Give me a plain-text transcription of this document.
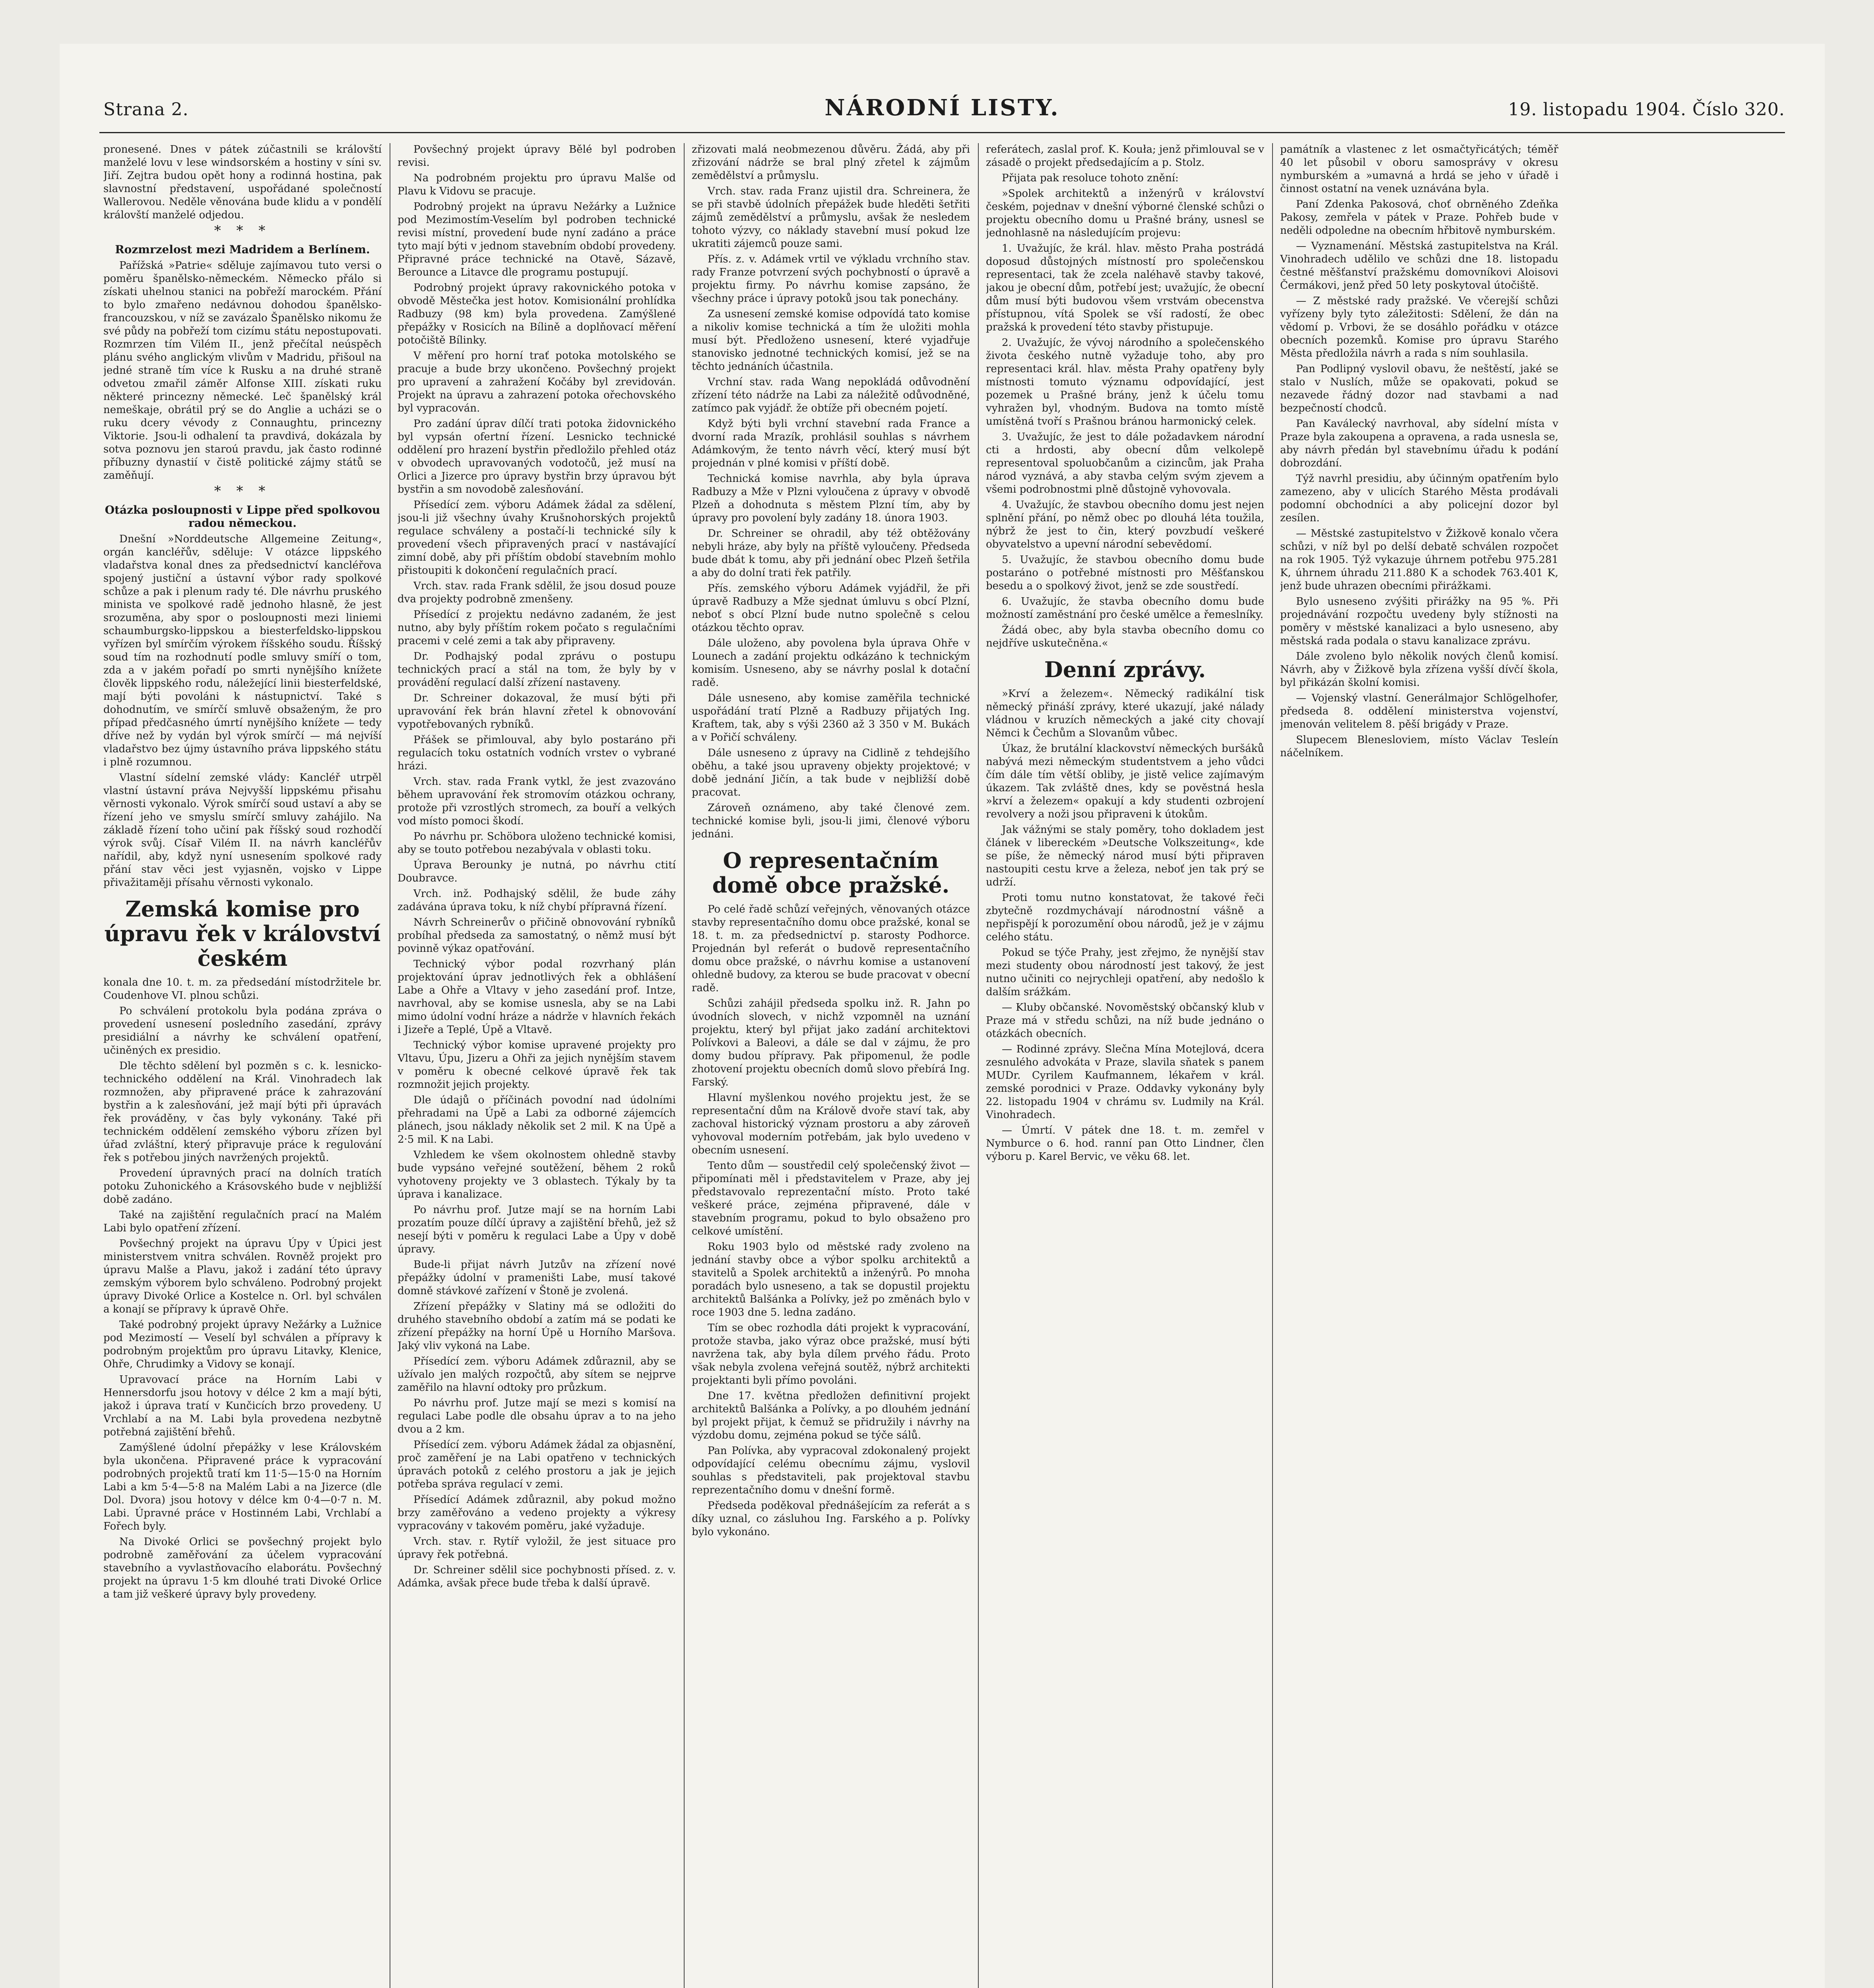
Strana 2.	NÁRODNÍ LISTY.	19. listopadu 1904. Číslo 320.

pronesené. Dnes v pátek zúčastnili se královští manželé lovu v lese windsorském a hostiny v síni sv. Jiří. Zejtra budou opět hony a rodinná hostina, pak slavnostní představení, uspořádané společností Wallerovou. Neděle věnována bude klidu a v pondělí královští manželé odjedou.

* * *
Rozmrzelost mezi Madridem a Berlínem.

Pařížská »Patrie« sděluje zajímavou tuto versi o poměru španělsko-německém. Německo přálo si získati uhelnou stanici na pobřeží marockém. Přání to bylo zmařeno nedávnou dohodou španělsko-francouzskou, v níž se zavázalo Španělsko nikomu že své půdy na pobřeží tom cizímu státu nepostupovati. Rozmrzen tím Vilém II., jenž přečítal neúspěch plánu svého anglickým vlivům v Madridu, přišoul na jedné straně tím více k Rusku a na druhé straně odvetou zmařil záměr Alfonse XIII. získati ruku některé princezny německé. Leč španělský král nemeškaje, obrátil prý se do Anglie a ucházi se o ruku dcery vévody z Connaughtu, princezny Viktorie. Jsou-li odhalení ta pravdivá, dokázala by sotva poznovu jen staroú pravdu, jak často rodinné příbuzny dynastií v čistě politické zájmy států se zaměňují.

* * *
Otázka posloupnosti v Lippe před spolkovou radou německou.

Dnešní »Norddeutsche Allgemeine Zeitung«, orgán kancléřův, sděluje: V otázce lippského vladařstva konal dnes za předsednictví kancléřova spojený justiční a ústavní výbor rady spolkové schůze a pak i plenum rady té. Dle návrhu pruského minista ve spolkové radě jednoho hlasně, že jest srozuměna, aby spor o posloupnosti mezi liniemi schaumburgsko-lippskou a biesterfeldsko-lippskou vyřízen byl smírčím výrokem říšského soudu. Říšský soud tím na rozhodnutí podle smluvy smíří o tom, zda a v jakém pořadí po smrti nynějšího knížete člověk lippského rodu, náležející linii biesterfeldské, mají býti povoláni k nástupnictví. Také s dohodnutím, ve smírčí smluvě obsaženým, že pro případ předčasného úmrtí nynějšího knížete — tedy dříve než by vydán byl výrok smírčí — má nejvíší vladařstvo bez újmy ústavního práva lippského státu i plně rozumnou.

Vlastní sídelní zemské vlády: Kancléř utrpěl vlastní ústavní práva Nejvyšší lippskému přisahu věrnosti vykonalo. Výrok smírčí soud ustaví a aby se řízení jeho ve smyslu smírčí smluvy zahájilo. Na základě řízení toho učiní pak říšský soud rozhodčí výrok svůj. Císař Vilém II. na návrh kancléřův nařídil, aby, když nyní usnesením spolkové rady přání stav věci jest vyjasněn, vojsko v Lippe přivažitaměji přísahu věrnosti vykonalo.

Zemská komise pro úpravu řek v království českém

konala dne 10. t. m. za předsedání místodržitele br. Coudenhove VI. plnou schůzi.

Po schválení protokolu byla podána zpráva o provedení usnesení posledního zasedání, zprávy presidiální a návrhy ke schválení opatření, učiněných ex presidio.

Dle těchto sdělení byl pozměn s c. k. lesnicko-technického oddělení na Král. Vinohradech lak rozmnožen, aby připravené práce k zahrazování bystřin a k zalesňování, jež mají býti při úpravách řek prováděny, v čas byly vykonány. Také při technickém oddělení zemského výboru zřízen byl úřad zvláštní, který připravuje práce k regulování řek s potřebou jiných navržených projektů.

Provedení úpravných prací na dolních tratích potoku Zuhonického a Krásovského bude v nejbližší době zadáno.

Také na zajištění regulačních prací na Malém Labi bylo opatření zřízení.

Povšechný projekt na úpravu Úpy v Úpici jest ministerstvem vnitra schválen. Rovněž projekt pro úpravu Malše a Plavu, jakož i zadání této úpravy zemským výborem bylo schváleno. Podrobný projekt úpravy Divoké Orlice a Kostelce n. Orl. byl schválen a konají se přípravy k úpravě Ohře.

Také podrobný projekt úpravy Nežárky a Lužnice pod Mezimostí — Veselí byl schválen a přípravy k podrobným projektům pro úpravu Litavky, Klenice, Ohře, Chrudimky a Vidovy se konají.

Upravovací práce na Horním Labi v Hennersdorfu jsou hotovy v délce 2 km a mají býti, jakož i úprava tratí v Kunčicích brzo provedeny. U Vrchlabí a na M. Labi byla provedena nezbytně potřebná zajištění břehů.

Zamýšlené údolní přepážky v lese Královském byla ukončena. Připravené práce k vypracování podrobných projektů tratí km 11·5—15·0 na Horním Labi a km 5·4—5·8 na Malém Labi a na Jizerce (dle Dol. Dvora) jsou hotovy v délce km 0·4—0·7 n. M. Labi. Úpravné práce v Hostinném Labi, Vrchlabí a Fořech byly.

Na Divoké Orlici se povšechný projekt bylo podrobně zaměřování za účelem vypracování stavebního a vyvlastňovacího elaborátu. Povšechný projekt na úpravu 1·5 km dlouhé trati Divoké Orlice a tam již veškeré úpravy byly provedeny.

Povšechný projekt úpravy Bělé byl podroben revisi.

Na podrobném projektu pro úpravu Malše od Plavu k Vidovu se pracuje.

Podrobný projekt na úpravu Nežárky a Lužnice pod Mezimostím-Veselím byl podroben technické revisi místní, provedení bude nyní zadáno a práce tyto mají býti v jednom stavebním období provedeny. Připravné práce technické na Otavě, Sázavě, Berounce a Litavce dle programu postupují.

Podrobný projekt úpravy rakovnického potoka v obvodě Městečka jest hotov. Komisionální prohlídka Radbuzy (98 km) byla provedena. Zamýšlené přepážky v Rosicích na Bílině a doplňovací měření potočiště Bílinky.

V měření pro horní trať potoka motolského se pracuje a bude brzy ukončeno. Povšechný projekt pro upravení a zahražení Kočáby byl zrevidován. Projekt na úpravu a zahrazení potoka ořechovského byl vypracován.

Pro zadání úprav dílčí trati potoka židovnického byl vypsán ofertní řízení. Lesnicko technické oddělení pro hrazení bystřin předložilo přehled otáz v obvodech upravovaných vodotočů, jež musí na Orlici a Jizerce pro úpravy bystřin brzy úpravou být bystřin a sm novodobě zalesňování.

Přísedící zem. výboru Adámek žádal za sdělení, jsou-li již všechny úvahy Krušnohorských projektů regulace schváleny a postačí-li technické síly k provedení všech připravených prací v nastávající zimní době, aby při příštím období stavebním mohlo přistoupiti k dokončení regulačních prací.

Vrch. stav. rada Frank sdělil, že jsou dosud pouze dva projekty podrobně zmenšeny.

Přísedící z projektu nedávno zadaném, že jest nutno, aby byly příštím rokem počato s regulačními pracemi v celé zemi a tak aby připraveny.

Dr. Podhajský podal zprávu o postupu technických prací a stál na tom, že byly by v provádění regulací další zřízení nastaveny.

Dr. Schreiner dokazoval, že musí býti při upravování řek brán hlavní zřetel k obnovování vypotřebovaných rybníků.

Přášek se přimlouval, aby bylo postaráno při regulacích toku ostatních vodních vrstev o vybrané hrázi.

Vrch. stav. rada Frank vytkl, že jest zvazováno během upravování řek stromovím otázkou ochrany, protože při vzrostlých stromech, za bouří a velkých vod místo pomoci škodí.

Po návrhu pr. Schöbora uloženo technické komisi, aby se touto potřebou nezabývala v oblasti toku.

Úprava Berounky je nutná, po návrhu ctití Doubravce.

Vrch. inž. Podhajský sdělil, že bude záhy zadávána úprava toku, k níž chybí přípravná řízení.

Návrh Schreinerův o přičině obnovování rybníků probíhal předseda za samostatný, o němž musí být povinně výkaz opatřování.

Technický výbor podal rozvrhaný plán projektování úprav jednotlivých řek a obhlášení Labe a Ohře a Vltavy v jeho zasedání prof. Intze, navrhoval, aby se komise usnesla, aby se na Labi mimo údolní vodní hráze a nádrže v hlavních řekách i Jizeře a Teplé, Úpě a Vltavě.

Technický výbor komise upravené projekty pro Vltavu, Úpu, Jizeru a Ohři za jejich nynějším stavem v poměru k obecné celkové úpravě řek tak rozmnožit jejich projekty.

Dle údajů o příčinách povodní nad údolními přehradami na Úpě a Labi za odborné zájemcích plánech, jsou náklady několik set 2 mil. K na Úpě a 2·5 mil. K na Labi.

Vzhledem ke všem okolnostem ohledně stavby bude vypsáno veřejné soutěžení, během 2 roků vyhotoveny projekty ve 3 oblastech. Týkaly by ta úprava i kanalizace.

Po návrhu prof. Jutze mají se na horním Labi prozatím pouze dílčí úpravy a zajištění břehů, jež sž nesejí býti v poměru k regulaci Labe a Úpy v době úpravy.

Bude-li přijat návrh Jutzův na zřízení nové přepážky údolní v prameništi Labe, musí takové domně stávkové zařízení v Štoně je zvolená.

Zřízení přepážky v Slatiny má se odložiti do druhého stavebního období a zatím má se podati ke zřízení přepážky na horní Úpě u Horního Maršova. Jaký vliv vykoná na Labe.

Přísedící zem. výboru Adámek zdůraznil, aby se užívalo jen malých rozpočtů, aby sítem se nejprve zaměřilo na hlavní odtoky pro průzkum.

Po návrhu prof. Jutze mají se mezi s komisí na regulaci Labe podle dle obsahu úprav a to na jeho dvou a 2 km.

Přísedící zem. výboru Adámek žádal za objasnění, proč zaměření je na Labi opatřeno v technických úpravách potoků z celého prostoru a jak je jejich potřeba správa regulací v zemi.

Přísedící Adámek zdůraznil, aby pokud možno brzy zaměřováno a vedeno projekty a výkresy vypracovány v takovém poměru, jaké vyžaduje.

Vrch. stav. r. Rytíř vyložil, že jest situace pro úpravy řek potřebná.

Dr. Schreiner sdělil sice pochybnosti přísed. z. v. Adámka, avšak přece bude třeba k další úpravě.

zřizovati malá neobmezenou důvěru. Žádá, aby při zřizování nádrže se bral plný zřetel k zájmům zemědělství a průmyslu.

Vrch. stav. rada Franz ujistil dra. Schreinera, že se při stavbě údolních přepážek bude hleděti šetřiti zájmů zemědělství a průmyslu, avšak že nesledem tohoto výzvy, co náklady stavební musí pokud lze ukratiti zájemců pouze sami.

Přís. z. v. Adámek vrtil ve výkladu vrchního stav. rady Franze potvrzení svých pochybností o úpravě a projektu firmy. Po návrhu komise zapsáno, že všechny práce i úpravy potoků jsou tak ponechány.

Za usnesení zemské komise odpovídá tato komise a nikoliv komise technická a tím že uložiti mohla musí být. Předloženo usnesení, které vyjadřuje stanovisko jednotné technických komisí, jež se na těchto jednáních účastnila.

Vrchní stav. rada Wang nepokládá odůvodnění zřízení této nádrže na Labi za náležitě odůvodněné, zatímco pak vyjádř. že obtíže při obecném pojetí.

Když býti byli vrchní stavební rada France a dvorní rada Mrazík, prohlásil souhlas s návrhem Adámkovým, že tento návrh věcí, který musí být projednán v plné komisi v příští době.

Technická komise navrhla, aby byla úprava Radbuzy a Mže v Plzni vyloučena z úpravy v obvodě Plzeň a dohodnuta s městem Plzní tím, aby by úpravy pro povolení byly zadány 18. února 1903.

Dr. Schreiner se ohradil, aby též obtěžovány nebyli hráze, aby byly na příště vyloučeny. Předseda bude dbát k tomu, aby při jednání obec Plzeň šetřila a aby do dolní trati řek patřily.

Přís. zemského výboru Adámek vyjádřil, že při úpravě Radbuzy a Mže sjednat úmluvu s obcí Plzní, neboť s obcí Plzní bude nutno společně s celou otázkou těchto oprav.

Dále uloženo, aby povolena byla úprava Ohře v Lounech a zadání projektu odkázáno k technickým komisím. Usneseno, aby se návrhy poslal k dotační radě.

Dále usneseno, aby komise zaměřila technické uspořádání tratí Plzně a Radbuzy přijatých Ing. Kraftem, tak, aby s výši 2360 až 3 350 v M. Bukách a v Pořičí schváleny.

Dále usneseno z úpravy na Cidlině z tehdejšího oběhu, a také jsou upraveny objekty projektové; v době jednání Jičín, a tak bude v nejbližší době pracovat.

Zároveň oznámeno, aby také členové zem. technické komise byli, jsou-li jimi, členové výboru jednáni.

O representačním domě obce pražské.

Po celé řadě schůzí veřejných, věnovaných otázce stavby representačního domu obce pražské, konal se 18. t. m. za předsednictví p. starosty Podhorce. Projednán byl referát o budově representačního domu obce pražské, o návrhu komise a ustanovení ohledně budovy, za kterou se bude pracovat v obecní radě.

Schůzi zahájil předseda spolku inž. R. Jahn po úvodních slovech, v nichž vzpomněl na uznání projektu, který byl přijat jako zadání architektovi Polívkovi a Baleovi, a dále se dal v zájmu, že pro domy budou přípravy. Pak připomenul, že podle zhotovení projektu obecních domů slovo přebírá Ing. Farský.

Hlavní myšlenkou nového projektu jest, že se representační dům na Králově dvoře staví tak, aby zachoval historický význam prostoru a aby zároveň vyhovoval moderním potřebám, jak bylo uvedeno v obecním usnesení.

Tento dům — soustředil celý společenský život — připomínati měl i představitelem v Praze, aby jej představovalo reprezentační místo. Proto také veškeré práce, zejména připravené, dále v stavebním programu, pokud to bylo obsaženo pro celkové umístění.

Roku 1903 bylo od městské rady zvoleno na jednání stavby obce a výbor spolku architektů a stavitelů a Spolek architektů a inženýrů. Po mnoha poradách bylo usneseno, a tak se dopustil projektu architektů Balšánka a Polívky, jež po změnách bylo v roce 1903 dne 5. ledna zadáno.

Tím se obec rozhodla dáti projekt k vypracování, protože stavba, jako výraz obce pražské, musí býti navržena tak, aby byla dílem prvého řádu. Proto však nebyla zvolena veřejná soutěž, nýbrž architekti projektanti byli přímo povoláni.

Dne 17. května předložen definitivní projekt architektů Balšánka a Polívky, a po dlouhém jednání byl projekt přijat, k čemuž se přidružily i návrhy na výzdobu domu, zejména pokud se týče sálů.

Pan Polívka, aby vypracoval zdokonalený projekt odpovídající celému obecnímu zájmu, vyslovil souhlas s představiteli, pak projektoval stavbu reprezentačního domu v dnešní formě.

Předseda poděkoval přednášejícím za referát a s díky uznal, co zásluhou Ing. Farského a p. Polívky bylo vykonáno.

referátech, zaslal prof. K. Kouła; jenž přimlouval se v zásadě o projekt předsedajícím a p. Stolz.

Přijata pak resoluce tohoto znění:

»Spolek architektů a inženýrů v království českém, pojednav v dnešní výborné členské schůzi o projektu obecního domu u Prašné brány, usnesl se jednohlasně na následujícím projevu:

1. Uvažujíc, že král. hlav. město Praha postrádá doposud důstojných místností pro společenskou representaci, tak že zcela naléhavě stavby takové, jakou je obecní dům, potřebí jest; uvažujíc, že obecní dům musí býti budovou všem vrstvám obecenstva přístupnou, vítá Spolek se vší radostí, že obec pražská k provedení této stavby přistupuje.

2. Uvažujíc, že vývoj národního a společenského života českého nutně vyžaduje toho, aby pro representaci král. hlav. města Prahy opatřeny byly místnosti tomuto významu odpovídající, jest pozemek u Prašné brány, jenž k účelu tomu vyhražen byl, vhodným. Budova na tomto místě umístěná tvoří s Prašnou bránou harmonický celek.

3. Uvažujíc, že jest to dále požadavkem národní cti a hrdosti, aby obecní dům velkolepě representoval spoluobčanům a cizincům, jak Praha národ vyznává, a aby stavba celým svým zjevem a všemi podrobnostmi plně důstojně vyhovovala.

4. Uvažujíc, že stavbou obecního domu jest nejen splnění přání, po němž obec po dlouhá léta toužila, nýbrž že jest to čin, který povzbudí veškeré obyvatelstvo a upevní národní sebevědomí.

5. Uvažujíc, že stavbou obecního domu bude postaráno o potřebné místnosti pro Měšťanskou besedu a o spolkový život, jenž se zde soustředí.

6. Uvažujíc, že stavba obecního domu bude možností zaměstnání pro české umělce a řemeslníky.

Žádá obec, aby byla stavba obecního domu co nejdříve uskutečněna.«

Denní zprávy.

»Krví a železem«. Německý radikální tisk německý přináší zprávy, které ukazují, jaké nálady vládnou v kruzích německých a jaké city chovají Němci k Čechům a Slovanům vůbec.

Úkaz, že brutální klackovství německých buršáků nabývá mezi německým studentstvem a jeho vůdci čím dále tím větší obliby, je jistě velice zajímavým úkazem. Tak zvláště dnes, kdy se pověstná hesla »krví a železem« opakují a kdy studenti ozbrojení revolvery a noži jsou připraveni k útokům.

Jak vážnými se staly poměry, toho dokladem jest článek v libereckém »Deutsche Volkszeitung«, kde se píše, že německý národ musí býti připraven nastoupiti cestu krve a železa, neboť jen tak prý se udrží.

Proti tomu nutno konstatovat, že takové řeči zbytečně rozdmychávají národnostní vášně a nepřispějí k porozumění obou národů, jež je v zájmu celého státu.

Pokud se týče Prahy, jest zřejmo, že nynější stav mezi studenty obou národností jest takový, že jest nutno učiniti co nejrychleji opatření, aby nedošlo k dalším srážkám.

— Kluby občanské. Novoměstský občanský klub v Praze má v středu schůzi, na níž bude jednáno o otázkách obecních.

— Rodinné zprávy. Slečna Mína Motejlová, dcera zesnulého advokáta v Praze, slavila sňatek s panem MUDr. Cyrilem Kaufmannem, lékařem v král. zemské porodnici v Praze. Oddavky vykonány byly 22. listopadu 1904 v chrámu sv. Ludmily na Král. Vinohradech.

— Úmrtí. V pátek dne 18. t. m. zemřel v Nymburce o 6. hod. ranní pan Otto Lindner, člen výboru p. Karel Bervic, ve věku 68. let.

památník a vlastenec z let osmačtyřicátých; téměř 40 let působil v oboru samosprávy v okresu nymburském a »umavná a hrdá se jeho v úřadě i činnost ostatní na venek uznávána byla.

Paní Zdenka Pakosová, choť obrněného Zdeňka Pakosy, zemřela v pátek v Praze. Pohřeb bude v neděli odpoledne na obecním hřbitově nymburském.

— Vyznamenání. Městská zastupitelstva na Král. Vinohradech udělilo ve schůzi dne 18. listopadu čestné měšťanství pražskému domovníkovi Aloisovi Čermákovi, jenž před 50 lety poskytoval útočiště.

— Z městské rady pražské. Ve včerejší schůzi vyřízeny byly tyto záležitosti: Sdělení, že dán na vědomí p. Vrbovi, že se dosáhlo pořádku v otázce obecních pozemků. Komise pro úpravu Starého Města předložila návrh a rada s ním souhlasila.

Pan Podlipný vyslovil obavu, že neštěstí, jaké se stalo v Nuslích, může se opakovati, pokud se nezavede řádný dozor nad stavbami a nad bezpečností chodců.

Pan Kaválecký navrhoval, aby sídelní místa v Praze byla zakoupena a opravena, a rada usnesla se, aby návrh předán byl stavebnímu úřadu k podání dobrozdání.

Týž navrhl presidiu, aby účinným opatřením bylo zamezeno, aby v ulicích Starého Města prodávali podomní obchodníci a aby policejní dozor byl zesílen.

— Městské zastupitelstvo v Žižkově konalo včera schůzi, v níž byl po delší debatě schválen rozpočet na rok 1905. Týž vykazuje úhrnem potřebu 975.281 K, úhrnem úhradu 211.880 K a schodek 763.401 K, jenž bude uhrazen obecními přirážkami.

Bylo usneseno zvýšiti přirážky na 95 %. Při projednávání rozpočtu uvedeny byly stížnosti na poměry v městské kanalizaci a bylo usneseno, aby městská rada podala o stavu kanalizace zprávu.

Dále zvoleno bylo několik nových členů komisí. Návrh, aby v Žižkově byla zřízena vyšší dívčí škola, byl přikázán školní komisi.

— Vojenský vlastní. Generálmajor Schlögelhofer, předseda 8. oddělení ministerstva vojenství, jmenován velitelem 8. pěší brigády v Praze.

Slupecem Blenesloviem, místo Václav Tesleín náčelníkem.
